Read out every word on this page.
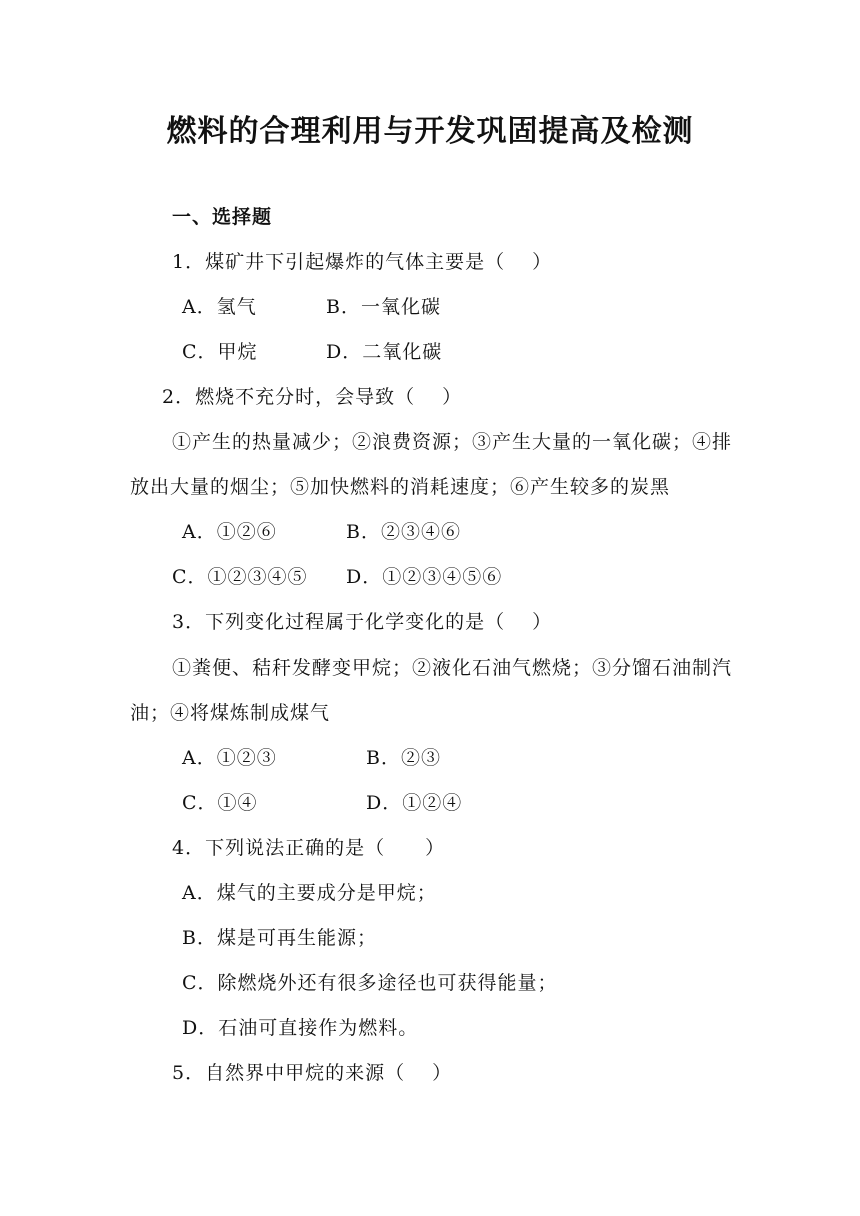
燃料的合理利用与开发巩固提高及检测
一、选择题
1．煤矿井下引起爆炸的气体主要是（　 ）
A．氢气	B．一氧化碳
C．甲烷	D．二氧化碳
2．燃烧不充分时，会导致（　 ）
①产生的热量减少；②浪费资源；③产生大量的一氧化碳；④排
放出大量的烟尘；⑤加快燃料的消耗速度；⑥产生较多的炭黑
A．①②⑥	B．②③④⑥
C．①②③④⑤ D．①②③④⑤⑥
3．下列变化过程属于化学变化的是（　 ）
①粪便、秸秆发酵变甲烷；②液化石油气燃烧；③分馏石油制汽
油；④将煤炼制成煤气
A．①②③	B．②③
C．①④	D．①②④
4．下列说法正确的是（　　）
A．煤气的主要成分是甲烷；
B．煤是可再生能源；
C．除燃烧外还有很多途径也可获得能量；
D．石油可直接作为燃料。
5．自然界中甲烷的来源（　 ）
